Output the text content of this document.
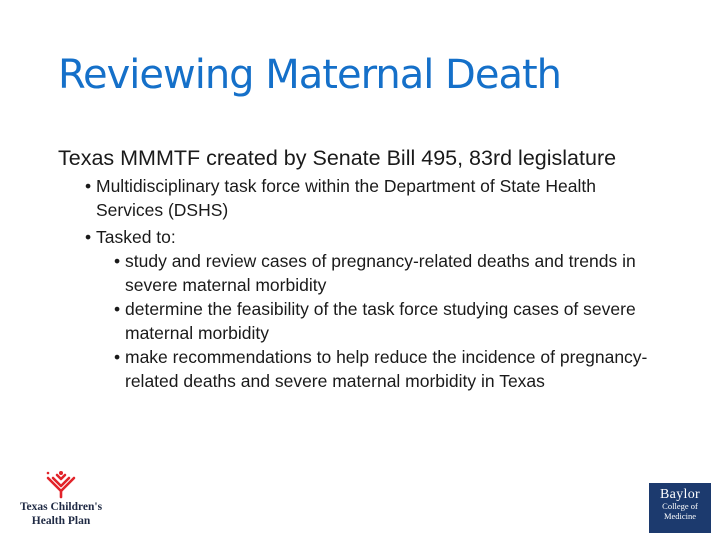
Reviewing Maternal Death

Texas MMMTF created by Senate Bill 495, 83rd legislature

• Multidisciplinary task force within the Department of State Health Services (DSHS)

• Tasked to:

• study and review cases of pregnancy-related deaths and trends in severe maternal morbidity

• determine the feasibility of the task force studying cases of severe maternal morbidity

• make recommendations to help reduce the incidence of pregnancy-related deaths and severe maternal morbidity in Texas

Texas Children's
Health Plan
Baylor
College of
Medicine
